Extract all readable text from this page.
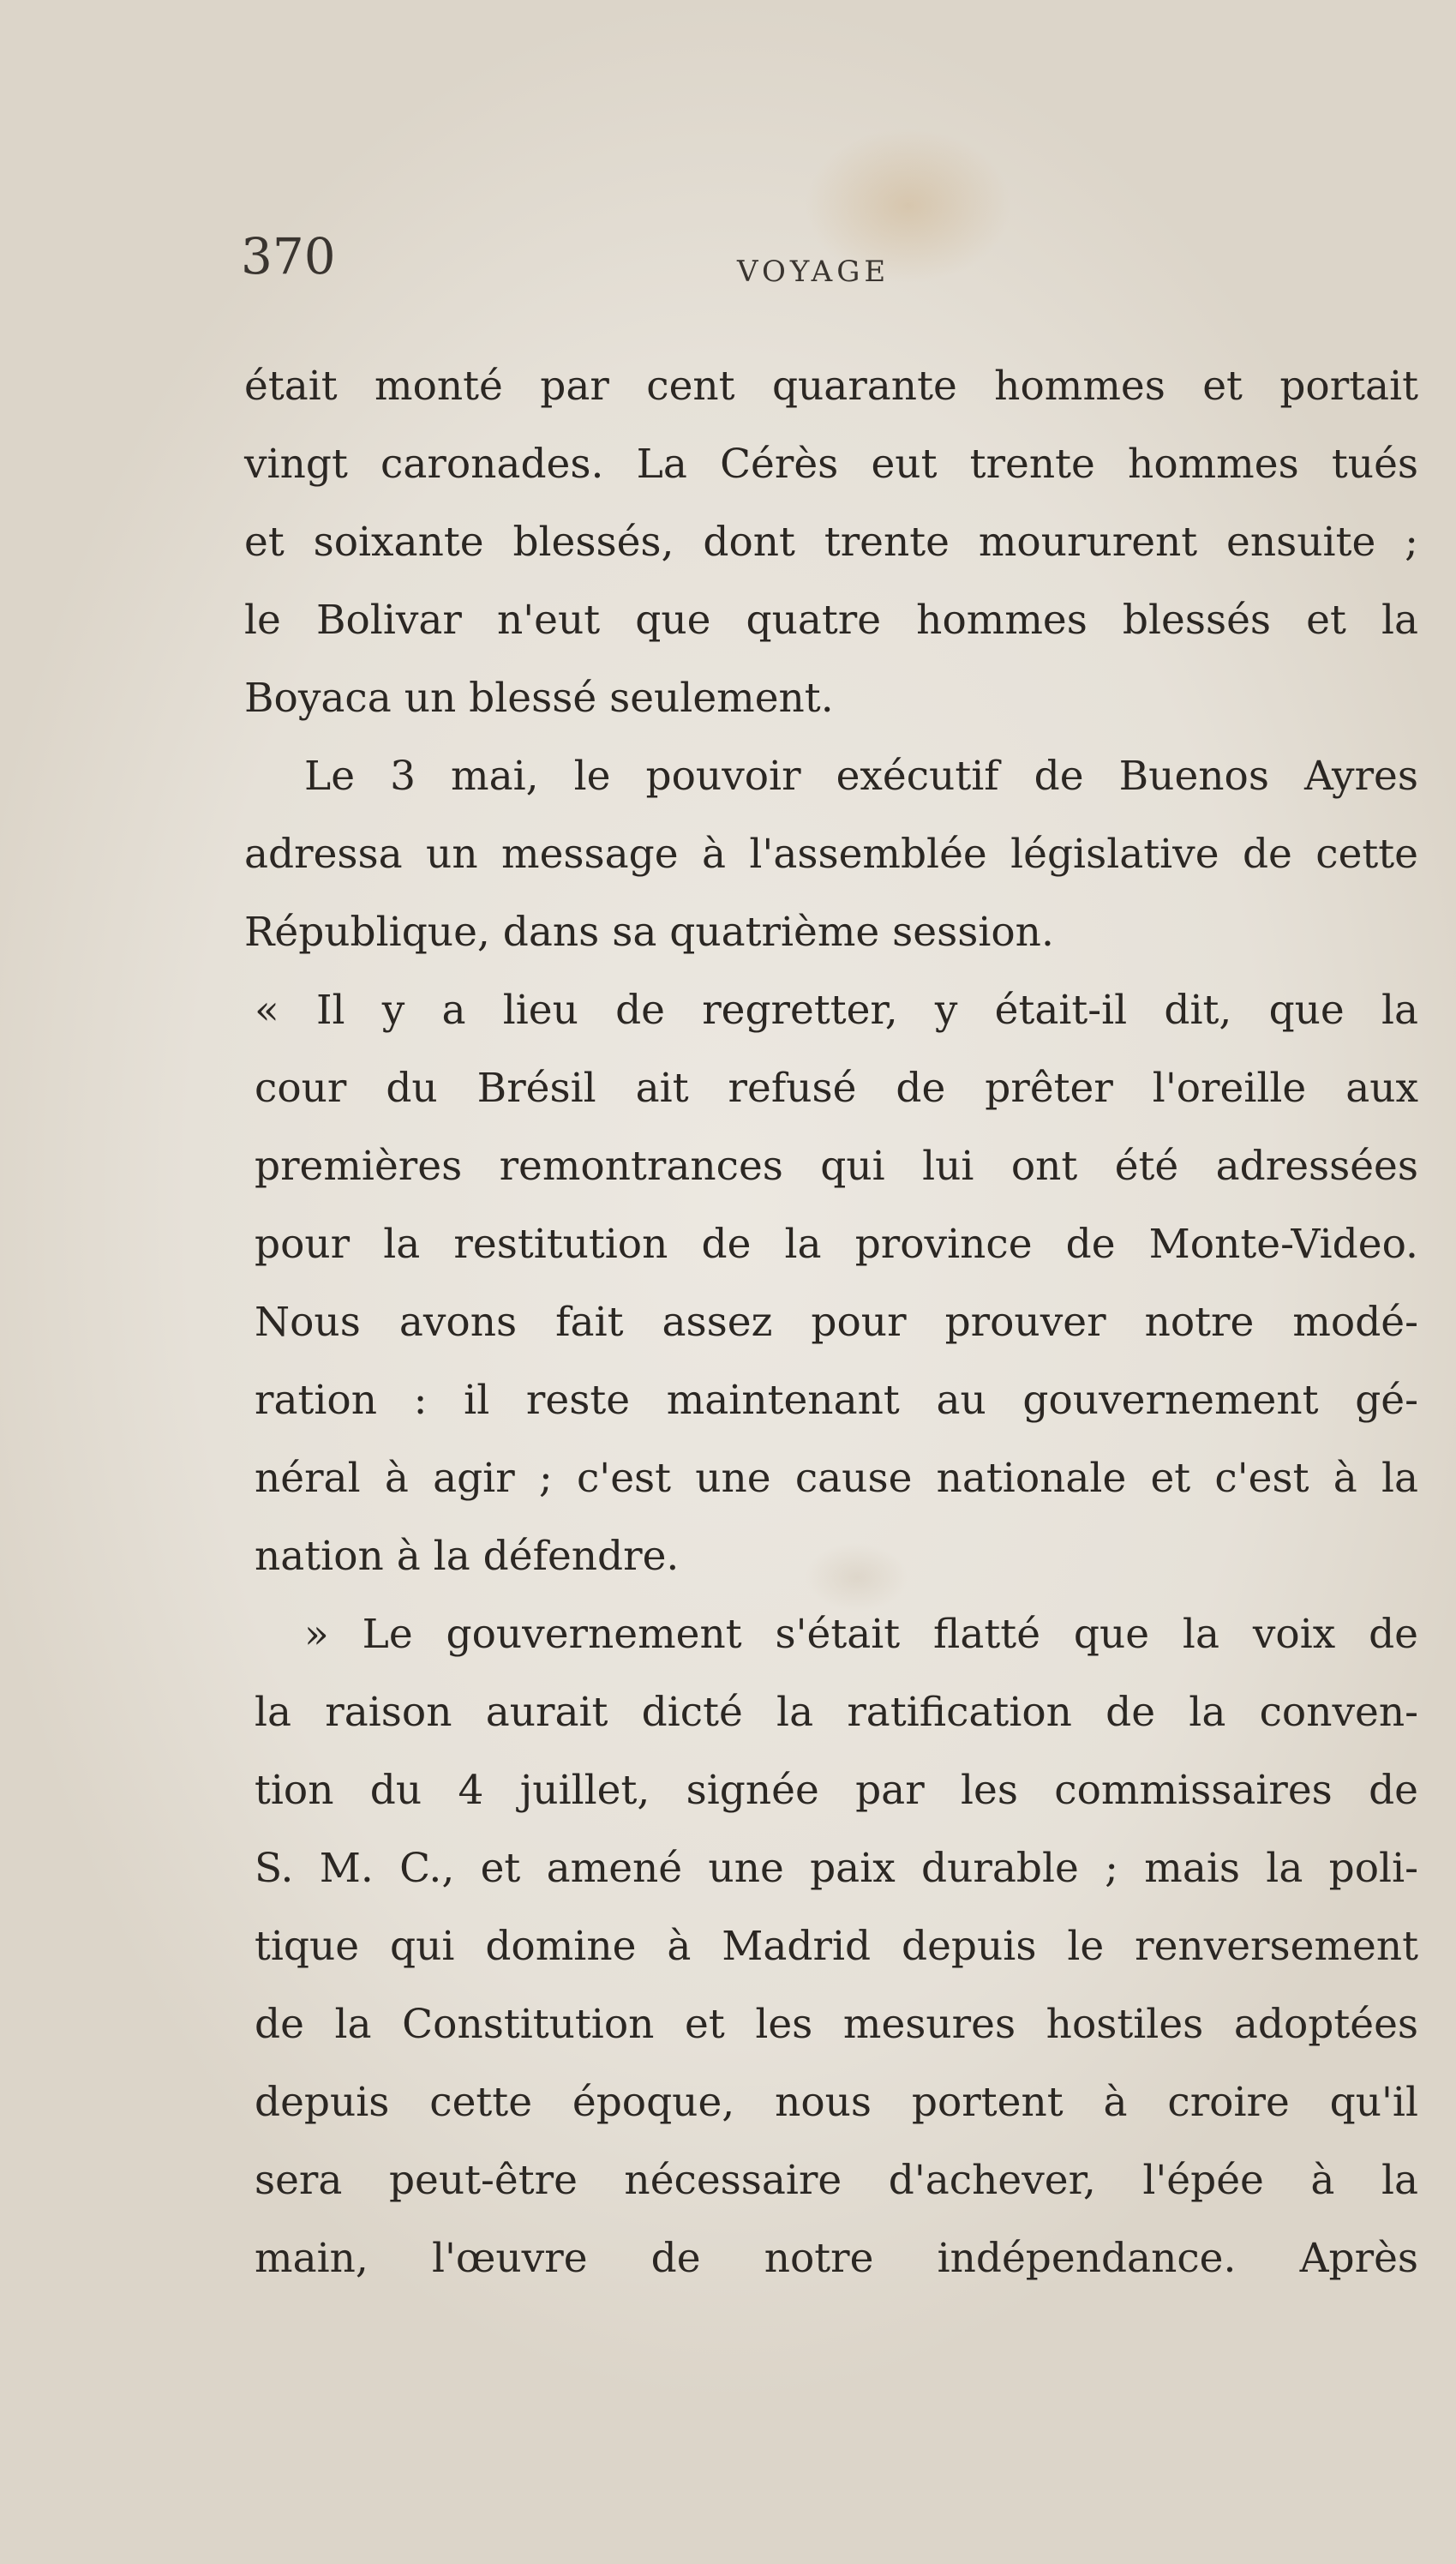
370	VOYAGE
était monté par cent quarante hommes et portait
vingt caronades. La Cérès eut trente hommes tués
et soixante blessés, dont trente moururent ensuite ;
le Bolivar n'eut que quatre hommes blessés et la
Boyaca un blessé seulement.
Le 3 mai, le pouvoir exécutif de Buenos Ayres
adressa un message à l'assemblée législative de cette
République, dans sa quatrième session.
« Il y a lieu de regretter, y était-il dit, que la
cour du Brésil ait refusé de prêter l'oreille aux
premières remontrances qui lui ont été adressées
pour la restitution de la province de Monte-Video.
Nous avons fait assez pour prouver notre modé-
ration : il reste maintenant au gouvernement gé-
néral à agir ; c'est une cause nationale et c'est à la
nation à la défendre.
» Le gouvernement s'était flatté que la voix de
la raison aurait dicté la ratification de la conven-
tion du 4 juillet, signée par les commissaires de
S. M. C., et amené une paix durable ; mais la poli-
tique qui domine à Madrid depuis le renversement
de la Constitution et les mesures hostiles adoptées
depuis cette époque, nous portent à croire qu'il
sera peut-être nécessaire d'achever, l'épée à la
main, l'œuvre de notre indépendance. Après
